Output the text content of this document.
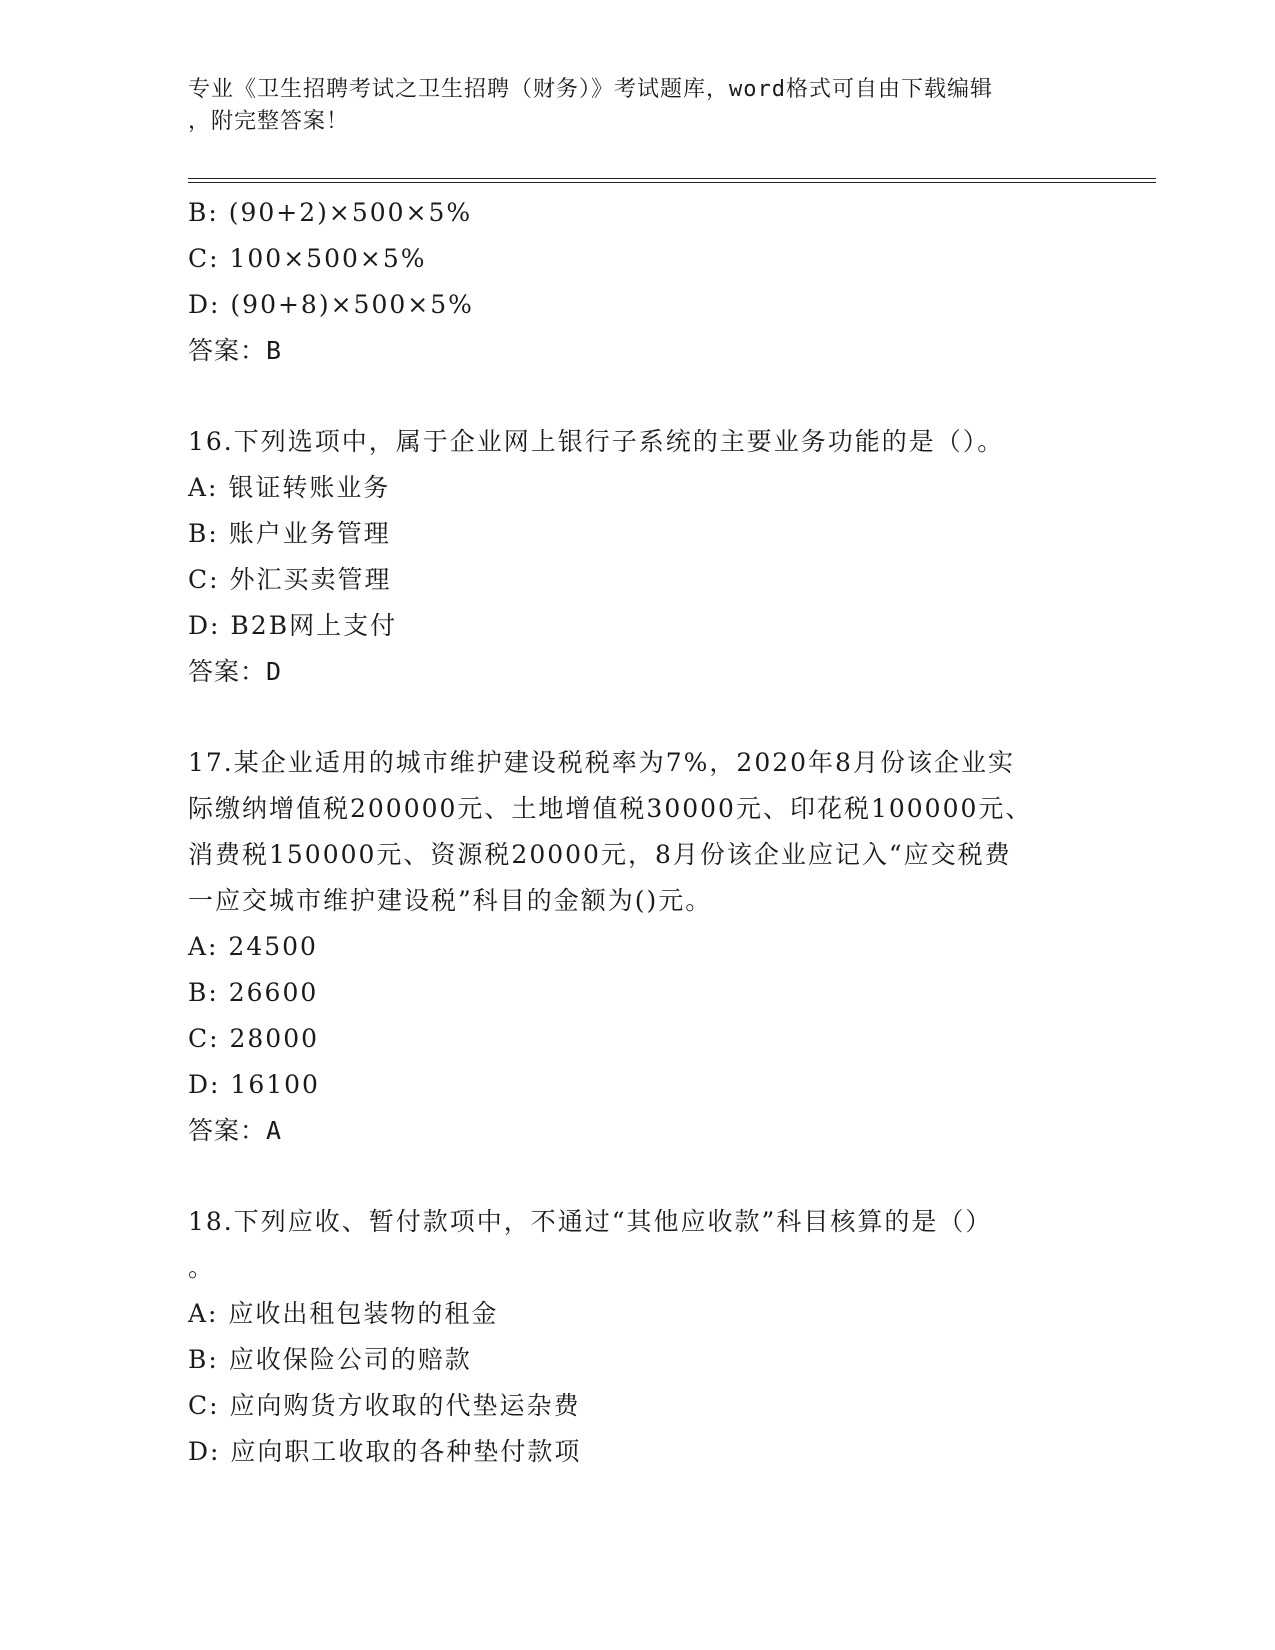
专业《卫生招聘考试之卫生招聘（财务）》考试题库，word格式可自由下载编辑
，附完整答案！
B: (90+2)×500×5%
C: 100×500×5%
D: (90+8)×500×5%
答案：B
16.下列选项中，属于企业网上银行子系统的主要业务功能的是（）。
A: 银证转账业务
B: 账户业务管理
C: 外汇买卖管理
D: B2B网上支付
答案：D
17.某企业适用的城市维护建设税税率为7%，2020年8月份该企业实
际缴纳增值税200000元、土地增值税30000元、印花税100000元、
消费税150000元、资源税20000元，8月份该企业应记入“应交税费
一应交城市维护建设税”科目的金额为()元。
A: 24500
B: 26600
C: 28000
D: 16100
答案：A
18.下列应收、暂付款项中，不通过“其他应收款”科目核算的是（）
。
A: 应收出租包装物的租金
B: 应收保险公司的赔款
C: 应向购货方收取的代垫运杂费
D: 应向职工收取的各种垫付款项
